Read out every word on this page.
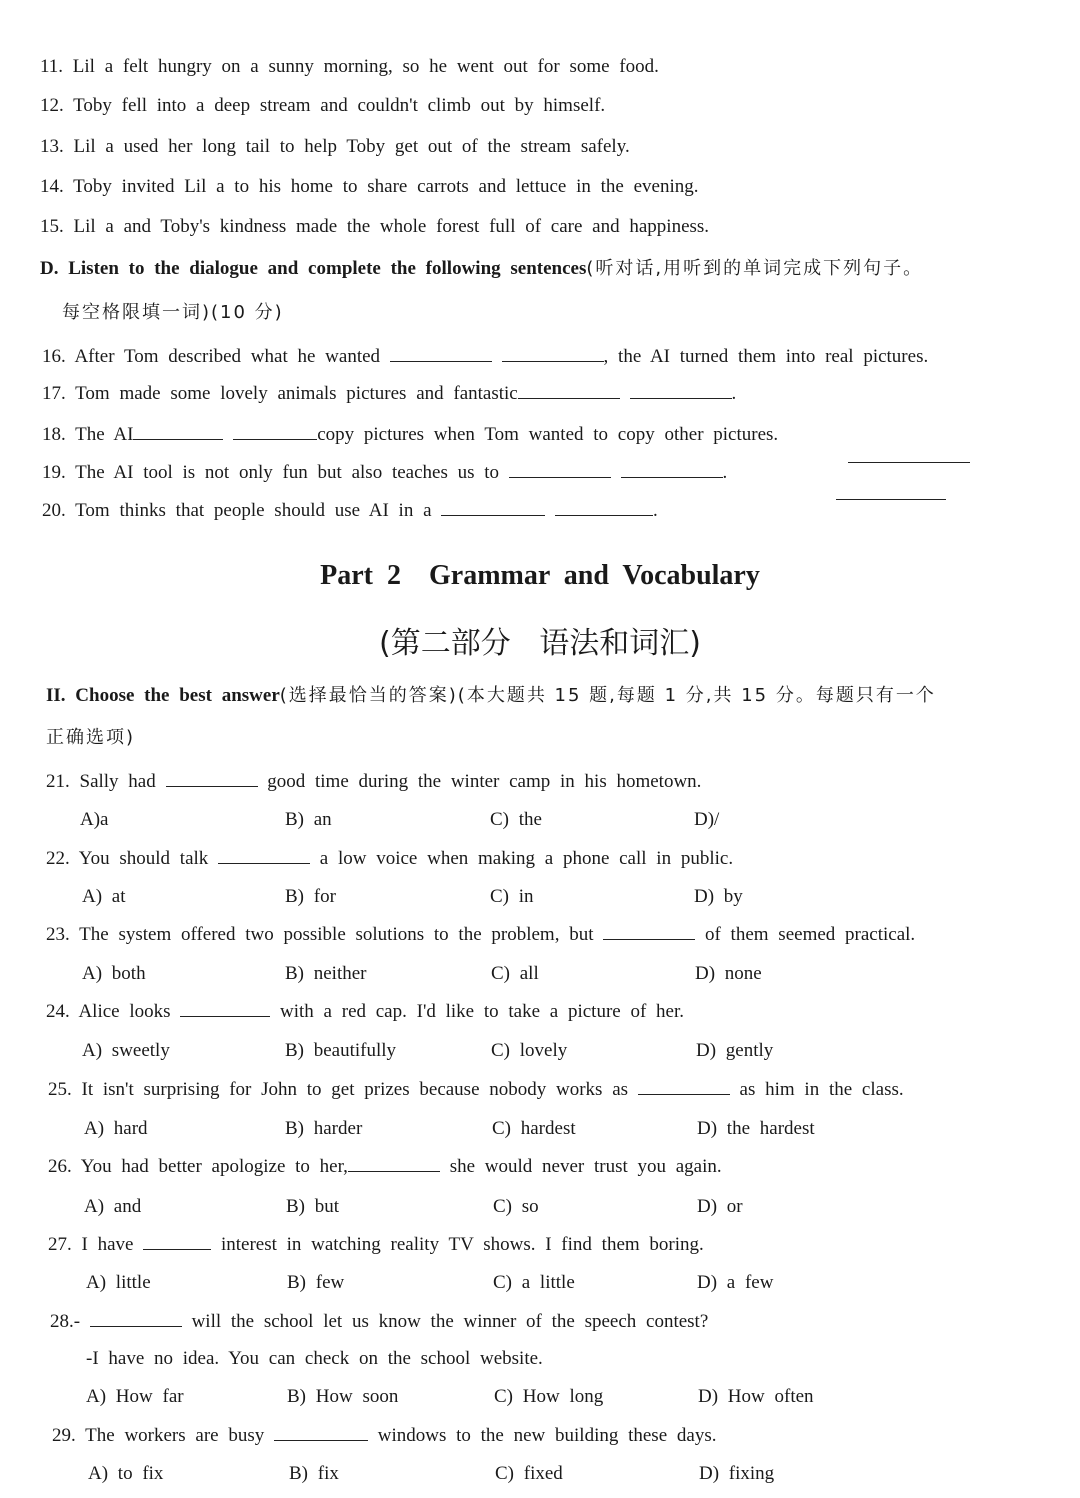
11. Lil a felt hungry on a sunny morning, so he went out for some food.
12. Toby fell into a deep stream and couldn't climb out by himself.
13. Lil a used her long tail to help Toby get out of the stream safely.
14. Toby invited Lil a to his home to share carrots and lettuce in the evening.
15. Lil a and Toby's kindness made the whole forest full of care and happiness.
D. Listen to the dialogue and complete the following sentences(听对话,用听到的单词完成下列句子。
每空格限填一词)(10 分)
16. After Tom described what he wanted	, the AI turned them into real pictures.
17. Tom made some lovely animals pictures and fantastic	.
18. The AI	copy pictures when Tom wanted to copy other pictures.
19. The AI tool is not only fun but also teaches us to	.
20. Tom thinks that people should use AI in a	.
Part  2    Grammar  and  Vocabulary
(第二部分   语法和词汇)
II. Choose the best answer(选择最恰当的答案)(本大题共 15 题,每题 1 分,共 15 分。每题只有一个
正确选项)
21. Sally had	good time during the winter camp in his hometown.
A)a	B) an	C) the	D)/
22. You should talk	a low voice when making a phone call in public.
A) at	B) for	C) in	D) by
23. The system offered two possible solutions to the problem, but	of them seemed practical.
A) both	B) neither	C) all	D) none
24. Alice looks	with a red cap. I'd like to take a picture of her.
A) sweetly	B) beautifully	C) lovely	D) gently
25. It isn't surprising for John to get prizes because nobody works as	as him in the class.
A) hard	B) harder	C) hardest	D) the hardest
26. You had better apologize to her,	she would never trust you again.
A) and	B) but	C) so	D) or
27. I have	interest in watching reality TV shows. I find them boring.
A) little	B) few	C) a little	D) a few
28.-	will the school let us know the winner of the speech contest?
-I have no idea. You can check on the school website.
A) How far	B) How soon	C) How long	D) How often
29. The workers are busy	windows to the new building these days.
A) to fix	B) fix	C) fixed	D) fixing
